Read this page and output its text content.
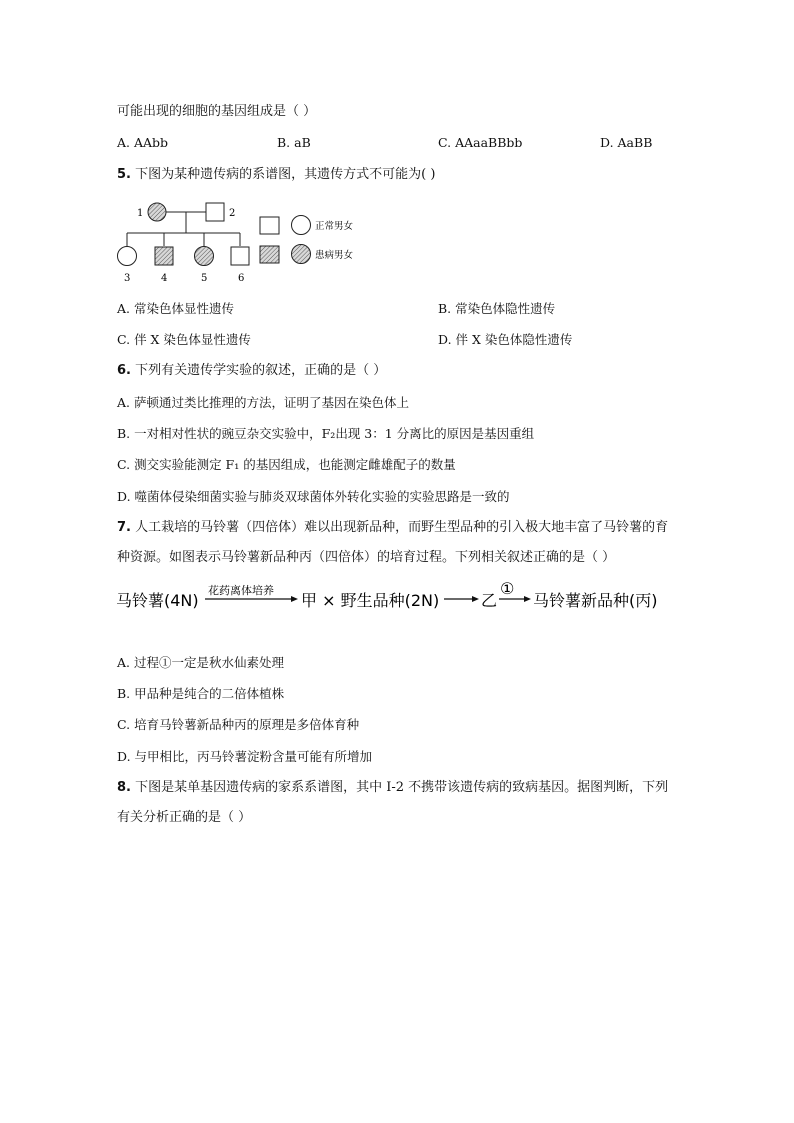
可能出现的细胞的基因组成是（ ）
A. AAbb	B. aB	C. AAaaBBbb	D. AaBB
5. 下图为某种遗传病的系谱图，其遗传方式不可能为( )
1	2
3	4	5	6
正常男女
患病男女
A. 常染色体显性遗传	B. 常染色体隐性遗传
C. 伴 X 染色体显性遗传	D. 伴 X 染色体隐性遗传
6. 下列有关遗传学实验的叙述，正确的是（ ）
A. 萨顿通过类比推理的方法，证明了基因在染色体上
B. 一对相对性状的豌豆杂交实验中，F₂出现 3：1 分离比的原因是基因重组
C. 测交实验能测定 F₁ 的基因组成，也能测定雌雄配子的数量
D. 噬菌体侵染细菌实验与肺炎双球菌体外转化实验的实验思路是一致的
7. 人工栽培的马铃薯（四倍体）难以出现新品种，而野生型品种的引入极大地丰富了马铃薯的育
种资源。如图表示马铃薯新品种丙（四倍体）的培育过程。下列相关叙述正确的是（ ）
马铃薯(4N)
花药离体培养
甲 × 野生品种(2N)	乙
①
马铃薯新品种(丙)
A. 过程①一定是秋水仙素处理
B. 甲品种是纯合的二倍体植株
C. 培育马铃薯新品种丙的原理是多倍体育种
D. 与甲相比，丙马铃薯淀粉含量可能有所增加
8. 下图是某单基因遗传病的家系系谱图，其中 I-2 不携带该遗传病的致病基因。据图判断，下列
有关分析正确的是（ ）
